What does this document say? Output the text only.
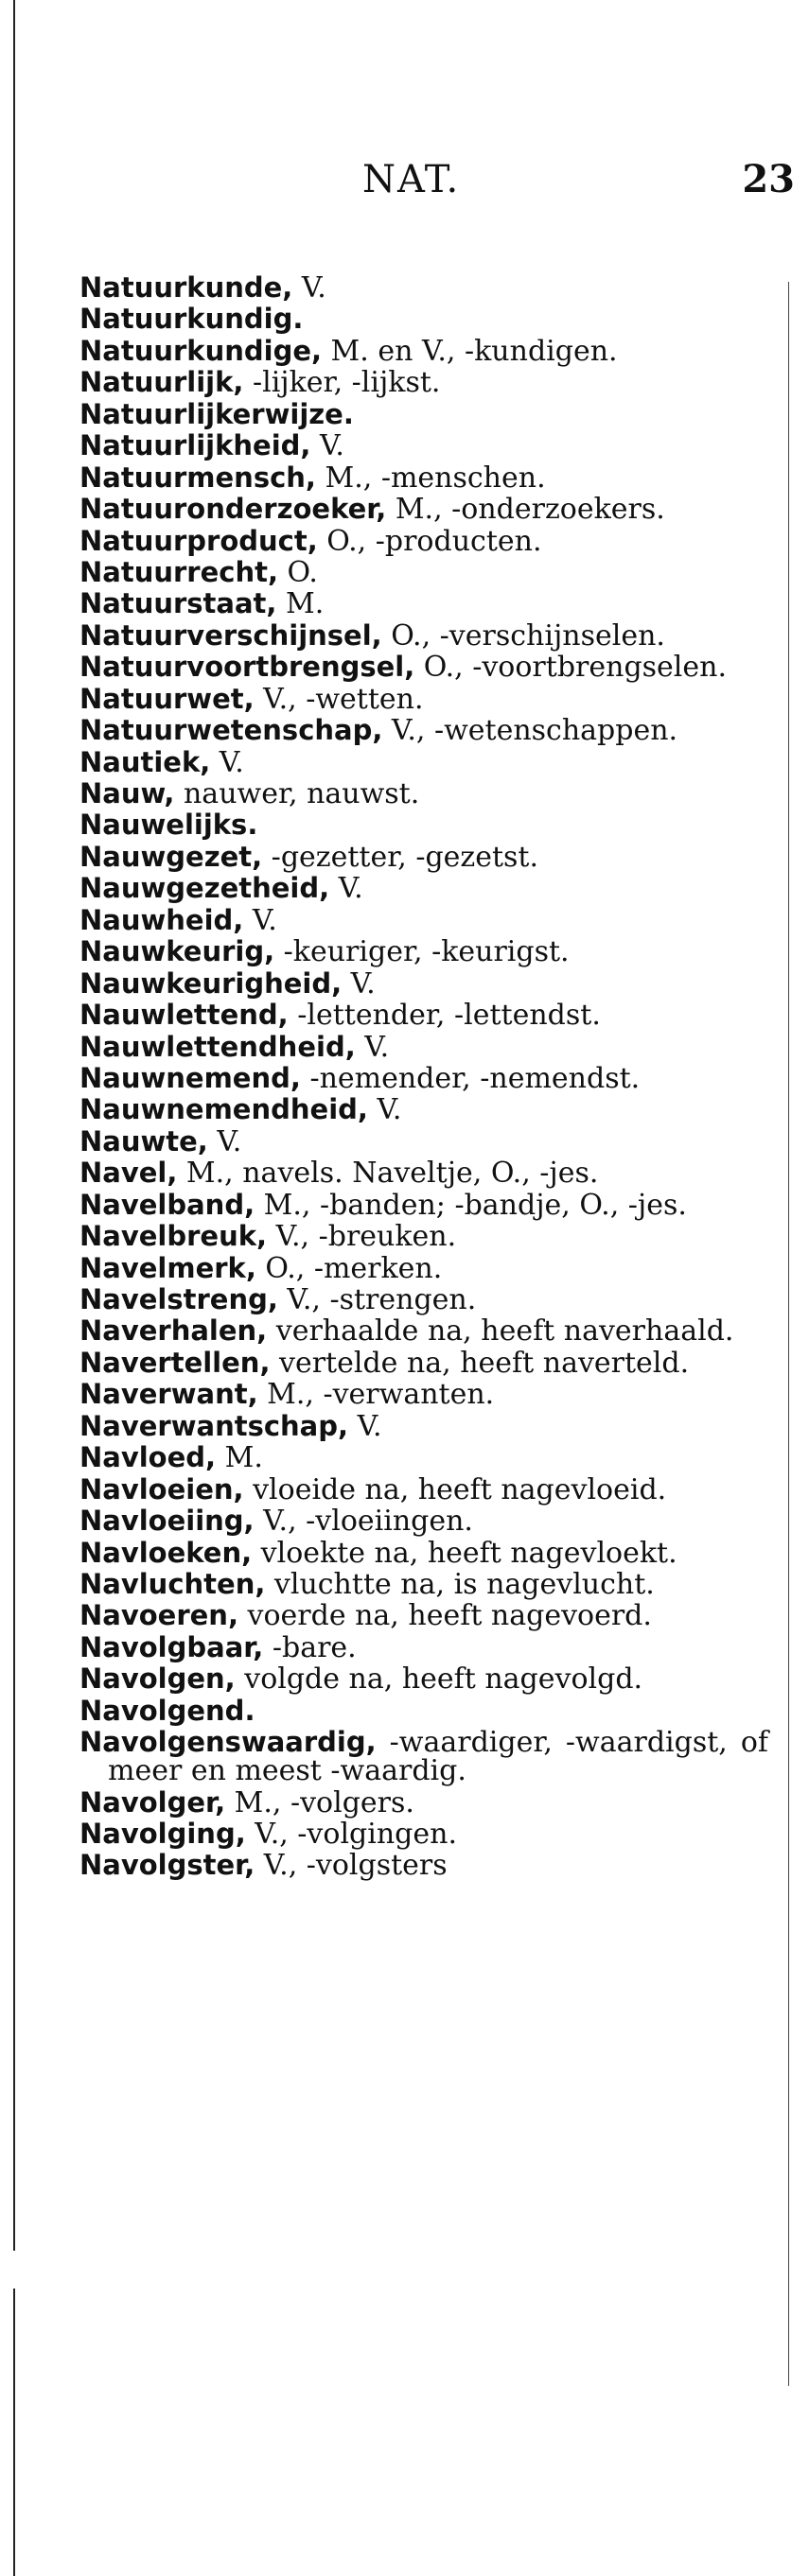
NAT.	23
Natuurkunde, V.
Natuurkundig.
Natuurkundige, M. en V., -kundigen.
Natuurlijk, -lijker, -lijkst.
Natuurlijkerwijze.
Natuurlijkheid, V.
Natuurmensch, M., -menschen.
Natuuronderzoeker, M., -onderzoekers.
Natuurproduct, O., -producten.
Natuurrecht, O.
Natuurstaat, M.
Natuurverschijnsel, O., -verschijnselen.
Natuurvoortbrengsel, O., -voortbrengselen.
Natuurwet, V., -wetten.
Natuurwetenschap, V., -wetenschappen.
Nautiek, V.
Nauw, nauwer, nauwst.
Nauwelijks.
Nauwgezet, -gezetter, -gezetst.
Nauwgezetheid, V.
Nauwheid, V.
Nauwkeurig, -keuriger, -keurigst.
Nauwkeurigheid, V.
Nauwlettend, -lettender, -lettendst.
Nauwlettendheid, V.
Nauwnemend, -nemender, -nemendst.
Nauwnemendheid, V.
Nauwte, V.
Navel, M., navels. Naveltje, O., -jes.
Navelband, M., -banden; -bandje, O., -jes.
Navelbreuk, V., -breuken.
Navelmerk, O., -merken.
Navelstreng, V., -strengen.
Naverhalen, verhaalde na, heeft naverhaald.
Navertellen, vertelde na, heeft naverteld.
Naverwant, M., -verwanten.
Naverwantschap, V.
Navloed, M.
Navloeien, vloeide na, heeft nagevloeid.
Navloeiing, V., -vloeiingen.
Navloeken, vloekte na, heeft nagevloekt.
Navluchten, vluchtte na, is nagevlucht.
Navoeren, voerde na, heeft nagevoerd.
Navolgbaar, -bare.
Navolgen, volgde na, heeft nagevolgd.
Navolgend.
Navolgenswaardig, -waardiger, -waardigst, of meer en meest -waardig.
Navolger, M., -volgers.
Navolging, V., -volgingen.
Navolgster, V., -volgsters
